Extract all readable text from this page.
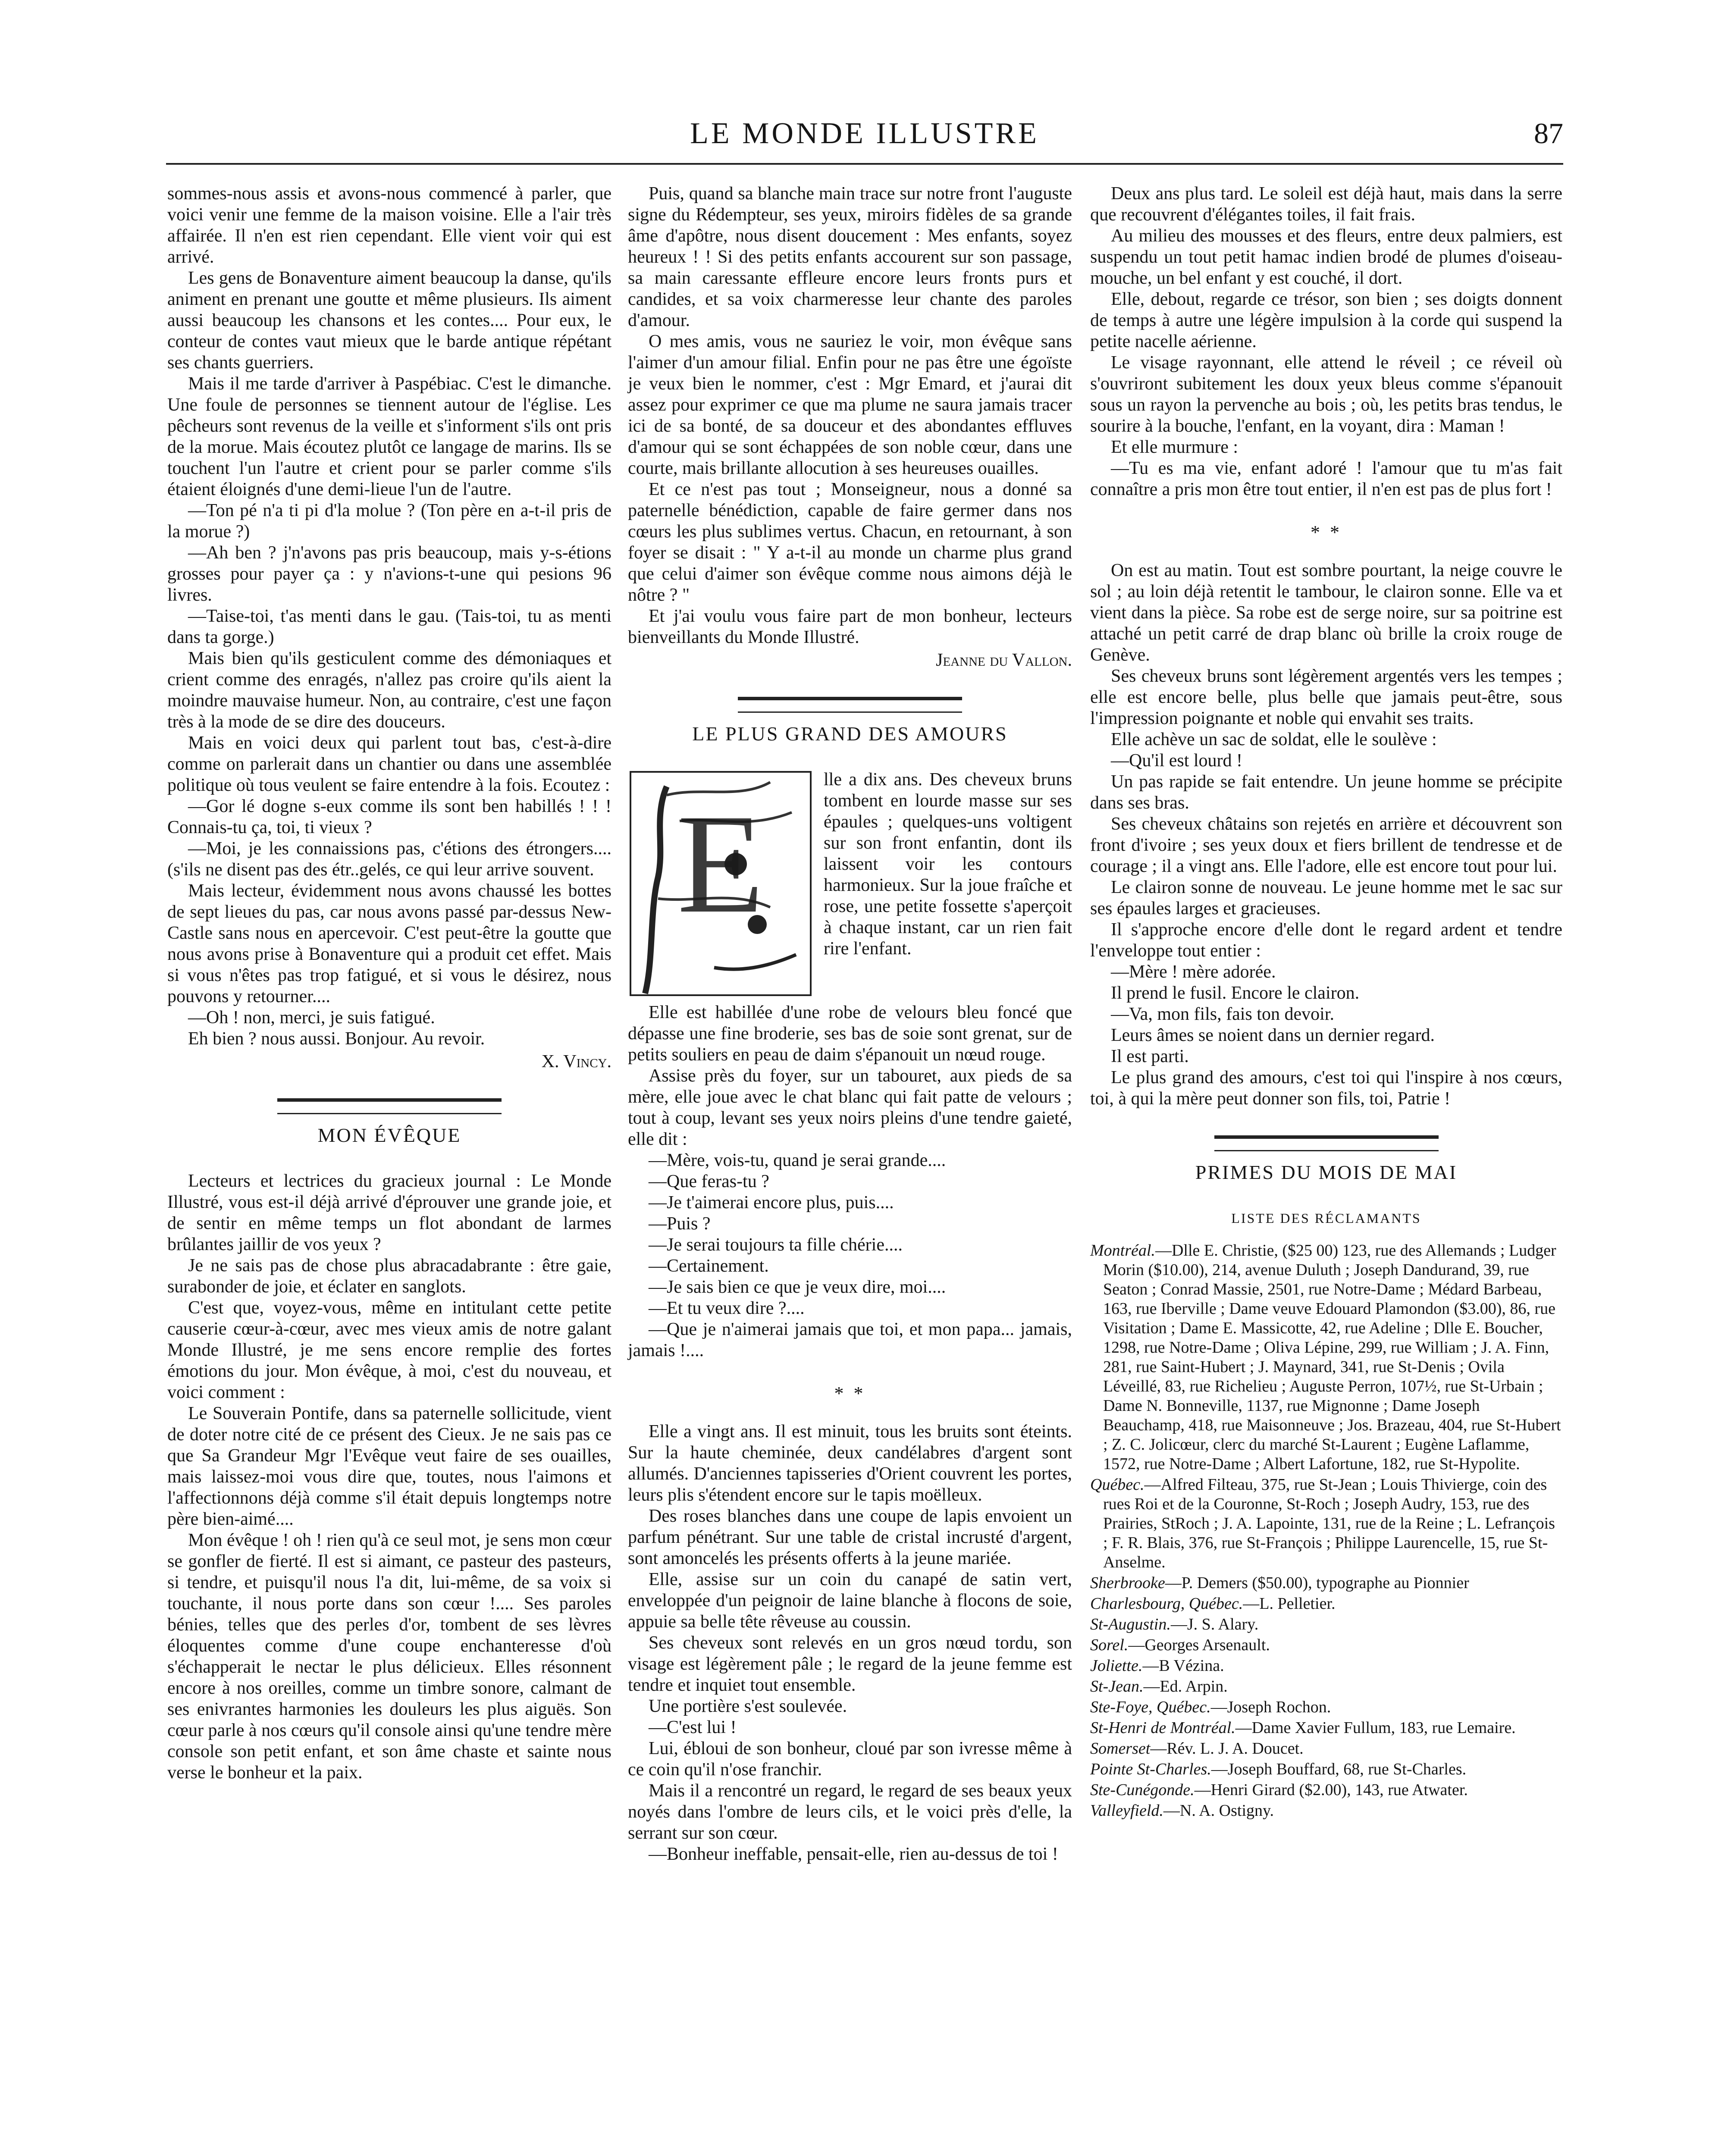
LE MONDE ILLUSTRE	87

sommes-nous assis et avons-nous commencé à parler, que voici venir une femme de la maison voisine. Elle a l'air très affairée. Il n'en est rien cependant. Elle vient voir qui est arrivé.

Les gens de Bonaventure aiment beaucoup la danse, qu'ils animent en prenant une goutte et même plusieurs. Ils aiment aussi beaucoup les chansons et les contes.... Pour eux, le conteur de contes vaut mieux que le barde antique répétant ses chants guerriers.

Mais il me tarde d'arriver à Paspébiac. C'est le dimanche. Une foule de personnes se tiennent autour de l'église. Les pêcheurs sont revenus de la veille et s'informent s'ils ont pris de la morue. Mais écoutez plutôt ce langage de marins. Ils se touchent l'un l'autre et crient pour se parler comme s'ils étaient éloignés d'une demi-lieue l'un de l'autre.

—Ton pé n'a ti pi d'la molue ? (Ton père en a-t-il pris de la morue ?)

—Ah ben ? j'n'avons pas pris beaucoup, mais y-s-étions grosses pour payer ça : y n'avions-t-une qui pesions 96 livres.

—Taise-toi, t'as menti dans le gau. (Tais-toi, tu as menti dans ta gorge.)

Mais bien qu'ils gesticulent comme des démoniaques et crient comme des enragés, n'allez pas croire qu'ils aient la moindre mauvaise humeur. Non, au contraire, c'est une façon très à la mode de se dire des douceurs.

Mais en voici deux qui parlent tout bas, c'est-à-dire comme on parlerait dans un chantier ou dans une assemblée politique où tous veulent se faire entendre à la fois. Ecoutez :

—Gor lé dogne s-eux comme ils sont ben habillés ! ! ! Connais-tu ça, toi, ti vieux ?

—Moi, je les connaissions pas, c'étions des étrongers.... (s'ils ne disent pas des étr..gelés, ce qui leur arrive souvent.

Mais lecteur, évidemment nous avons chaussé les bottes de sept lieues du pas, car nous avons passé par-dessus New-Castle sans nous en apercevoir. C'est peut-être la goutte que nous avons prise à Bonaventure qui a produit cet effet. Mais si vous n'êtes pas trop fatigué, et si vous le désirez, nous pouvons y retourner....

—Oh ! non, merci, je suis fatigué.

Eh bien ? nous aussi. Bonjour. Au revoir.

X. Vincy.

MON ÉVÊQUE

Lecteurs et lectrices du gracieux journal : Le Monde Illustré, vous est-il déjà arrivé d'éprouver une grande joie, et de sentir en même temps un flot abondant de larmes brûlantes jaillir de vos yeux ?

Je ne sais pas de chose plus abracadabrante : être gaie, surabonder de joie, et éclater en sanglots.

C'est que, voyez-vous, même en intitulant cette petite causerie cœur-à-cœur, avec mes vieux amis de notre galant Monde Illustré, je me sens encore remplie des fortes émotions du jour. Mon évêque, à moi, c'est du nouveau, et voici comment :

Le Souverain Pontife, dans sa paternelle sollicitude, vient de doter notre cité de ce présent des Cieux. Je ne sais pas ce que Sa Grandeur Mgr l'Evêque veut faire de ses ouailles, mais laissez-moi vous dire que, toutes, nous l'aimons et l'affectionnons déjà comme s'il était depuis longtemps notre père bien-aimé....

Mon évêque ! oh ! rien qu'à ce seul mot, je sens mon cœur se gonfler de fierté. Il est si aimant, ce pasteur des pasteurs, si tendre, et puisqu'il nous l'a dit, lui-même, de sa voix si touchante, il nous porte dans son cœur !.... Ses paroles bénies, telles que des perles d'or, tombent de ses lèvres éloquentes comme d'une coupe enchanteresse d'où s'échapperait le nectar le plus délicieux. Elles résonnent encore à nos oreilles, comme un timbre sonore, calmant de ses enivrantes harmonies les douleurs les plus aiguës. Son cœur parle à nos cœurs qu'il console ainsi qu'une tendre mère console son petit enfant, et son âme chaste et sainte nous verse le bonheur et la paix.

Puis, quand sa blanche main trace sur notre front l'auguste signe du Rédempteur, ses yeux, miroirs fidèles de sa grande âme d'apôtre, nous disent doucement : Mes enfants, soyez heureux ! ! Si des petits enfants accourent sur son passage, sa main caressante effleure encore leurs fronts purs et candides, et sa voix charmeresse leur chante des paroles d'amour.

O mes amis, vous ne sauriez le voir, mon évêque sans l'aimer d'un amour filial. Enfin pour ne pas être une égoïste je veux bien le nommer, c'est : Mgr Emard, et j'aurai dit assez pour exprimer ce que ma plume ne saura jamais tracer ici de sa bonté, de sa douceur et des abondantes effluves d'amour qui se sont échappées de son noble cœur, dans une courte, mais brillante allocution à ses heureuses ouailles.

Et ce n'est pas tout ; Monseigneur, nous a donné sa paternelle bénédiction, capable de faire germer dans nos cœurs les plus sublimes vertus. Chacun, en retournant, à son foyer se disait : " Y a-t-il au monde un charme plus grand que celui d'aimer son évêque comme nous aimons déjà le nôtre ? "

Et j'ai voulu vous faire part de mon bonheur, lecteurs bienveillants du Monde Illustré.

Jeanne du Vallon.

LE PLUS GRAND DES AMOURS
E

lle a dix ans. Des cheveux bruns tombent en lourde masse sur ses épaules ; quelques-uns voltigent sur son front enfantin, dont ils laissent voir les contours harmonieux. Sur la joue fraîche et rose, une petite fossette s'aperçoit à chaque instant, car un rien fait rire l'enfant.

Elle est habillée d'une robe de velours bleu foncé que dépasse une fine broderie, ses bas de soie sont grenat, sur de petits souliers en peau de daim s'épanouit un nœud rouge.

Assise près du foyer, sur un tabouret, aux pieds de sa mère, elle joue avec le chat blanc qui fait patte de velours ; tout à coup, levant ses yeux noirs pleins d'une tendre gaieté, elle dit :

—Mère, vois-tu, quand je serai grande....

—Que feras-tu ?

—Je t'aimerai encore plus, puis....

—Puis ?

—Je serai toujours ta fille chérie....

—Certainement.

—Je sais bien ce que je veux dire, moi....

—Et tu veux dire ?....

—Que je n'aimerai jamais que toi, et mon papa... jamais, jamais !....

* *

Elle a vingt ans. Il est minuit, tous les bruits sont éteints. Sur la haute cheminée, deux candélabres d'argent sont allumés. D'anciennes tapisseries d'Orient couvrent les portes, leurs plis s'étendent encore sur le tapis moëlleux.

Des roses blanches dans une coupe de lapis envoient un parfum pénétrant. Sur une table de cristal incrusté d'argent, sont amoncelés les présents offerts à la jeune mariée.

Elle, assise sur un coin du canapé de satin vert, enveloppée d'un peignoir de laine blanche à flocons de soie, appuie sa belle tête rêveuse au coussin.

Ses cheveux sont relevés en un gros nœud tordu, son visage est légèrement pâle ; le regard de la jeune femme est tendre et inquiet tout ensemble.

Une portière s'est soulevée.

—C'est lui !

Lui, ébloui de son bonheur, cloué par son ivresse même à ce coin qu'il n'ose franchir.

Mais il a rencontré un regard, le regard de ses beaux yeux noyés dans l'ombre de leurs cils, et le voici près d'elle, la serrant sur son cœur.

—Bonheur ineffable, pensait-elle, rien au-dessus de toi !

Deux ans plus tard. Le soleil est déjà haut, mais dans la serre que recouvrent d'élégantes toiles, il fait frais.

Au milieu des mousses et des fleurs, entre deux palmiers, est suspendu un tout petit hamac indien brodé de plumes d'oiseau-mouche, un bel enfant y est couché, il dort.

Elle, debout, regarde ce trésor, son bien ; ses doigts donnent de temps à autre une légère impulsion à la corde qui suspend la petite nacelle aérienne.

Le visage rayonnant, elle attend le réveil ; ce réveil où s'ouvriront subitement les doux yeux bleus comme s'épanouit sous un rayon la pervenche au bois ; où, les petits bras tendus, le sourire à la bouche, l'enfant, en la voyant, dira : Maman !

Et elle murmure :

—Tu es ma vie, enfant adoré ! l'amour que tu m'as fait connaître a pris mon être tout entier, il n'en est pas de plus fort !

* *

On est au matin. Tout est sombre pourtant, la neige couvre le sol ; au loin déjà retentit le tambour, le clairon sonne. Elle va et vient dans la pièce. Sa robe est de serge noire, sur sa poitrine est attaché un petit carré de drap blanc où brille la croix rouge de Genève.

Ses cheveux bruns sont légèrement argentés vers les tempes ; elle est encore belle, plus belle que jamais peut-être, sous l'impression poignante et noble qui envahit ses traits.

Elle achève un sac de soldat, elle le soulève :

—Qu'il est lourd !

Un pas rapide se fait entendre. Un jeune homme se précipite dans ses bras.

Ses cheveux châtains son rejetés en arrière et découvrent son front d'ivoire ; ses yeux doux et fiers brillent de tendresse et de courage ; il a vingt ans. Elle l'adore, elle est encore tout pour lui.

Le clairon sonne de nouveau. Le jeune homme met le sac sur ses épaules larges et gracieuses.

Il s'approche encore d'elle dont le regard ardent et tendre l'enveloppe tout entier :

—Mère ! mère adorée.

Il prend le fusil. Encore le clairon.

—Va, mon fils, fais ton devoir.

Leurs âmes se noient dans un dernier regard.

Il est parti.

Le plus grand des amours, c'est toi qui l'inspire à nos cœurs, toi, à qui la mère peut donner son fils, toi, Patrie !

PRIMES DU MOIS DE MAI
LISTE DES RÉCLAMANTS

Montréal.—Dlle E. Christie, ($25 00) 123, rue des Allemands ; Ludger Morin ($10.00), 214, avenue Duluth ; Joseph Dandurand, 39, rue Seaton ; Conrad Massie, 2501, rue Notre-Dame ; Médard Barbeau, 163, rue Iberville ; Dame veuve Edouard Plamondon ($3.00), 86, rue Visitation ; Dame E. Massicotte, 42, rue Adeline ; Dlle E. Boucher, 1298, rue Notre-Dame ; Oliva Lépine, 299, rue William ; J. A. Finn, 281, rue Saint-Hubert ; J. Maynard, 341, rue St-Denis ; Ovila Léveillé, 83, rue Richelieu ; Auguste Perron, 107½, rue St-Urbain ; Dame N. Bonneville, 1137, rue Mignonne ; Dame Joseph Beauchamp, 418, rue Maisonneuve ; Jos. Brazeau, 404, rue St-Hubert ; Z. C. Jolicœur, clerc du marché St-Laurent ; Eugène Laflamme, 1572, rue Notre-Dame ; Albert Lafortune, 182, rue St-Hypolite.

Québec.—Alfred Filteau, 375, rue St-Jean ; Louis Thivierge, coin des rues Roi et de la Couronne, St-Roch ; Joseph Audry, 153, rue des Prairies, StRoch ; J. A. Lapointe, 131, rue de la Reine ; L. Lefrançois ; F. R. Blais, 376, rue St-François ; Philippe Laurencelle, 15, rue St-Anselme.

Sherbrooke—P. Demers ($50.00), typographe au Pionnier

Charlesbourg, Québec.—L. Pelletier.

St-Augustin.—J. S. Alary.

Sorel.—Georges Arsenault.

Joliette.—B Vézina.

St-Jean.—Ed. Arpin.

Ste-Foye, Québec.—Joseph Rochon.

St-Henri de Montréal.—Dame Xavier Fullum, 183, rue Lemaire.

Somerset—Rév. L. J. A. Doucet.

Pointe St-Charles.—Joseph Bouffard, 68, rue St-Charles.

Ste-Cunégonde.—Henri Girard ($2.00), 143, rue Atwater.

Valleyfield.—N. A. Ostigny.
